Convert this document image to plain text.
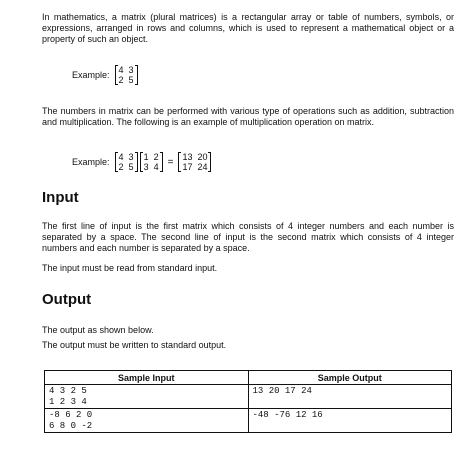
In mathematics, a matrix (plural matrices) is a rectangular array or table of numbers, symbols, or expressions, arranged in rows and columns, which is used to represent a mathematical object or a property of such an object.

Example: 4 3
2 5

The numbers in matrix can be performed with various type of operations such as addition, subtraction and multiplication. The following is an example of multiplication operation on matrix.

Example: 4 3
2 5
1 2
3 4 = 13 20
17 24
Input

The first line of input is the first matrix which consists of 4 integer numbers and each number is separated by a space. The second line of input is the second matrix which consists of 4 integer numbers and each number is separated by a space.

The input must be read from standard input.

Output

The output as shown below.

The output must be written to standard output.

Sample Input	Sample Output

4 3 2 5
1 2 3 4	13 20 17 24

-8 6 2 0
6 8 0 -2	-48 -76 12 16
